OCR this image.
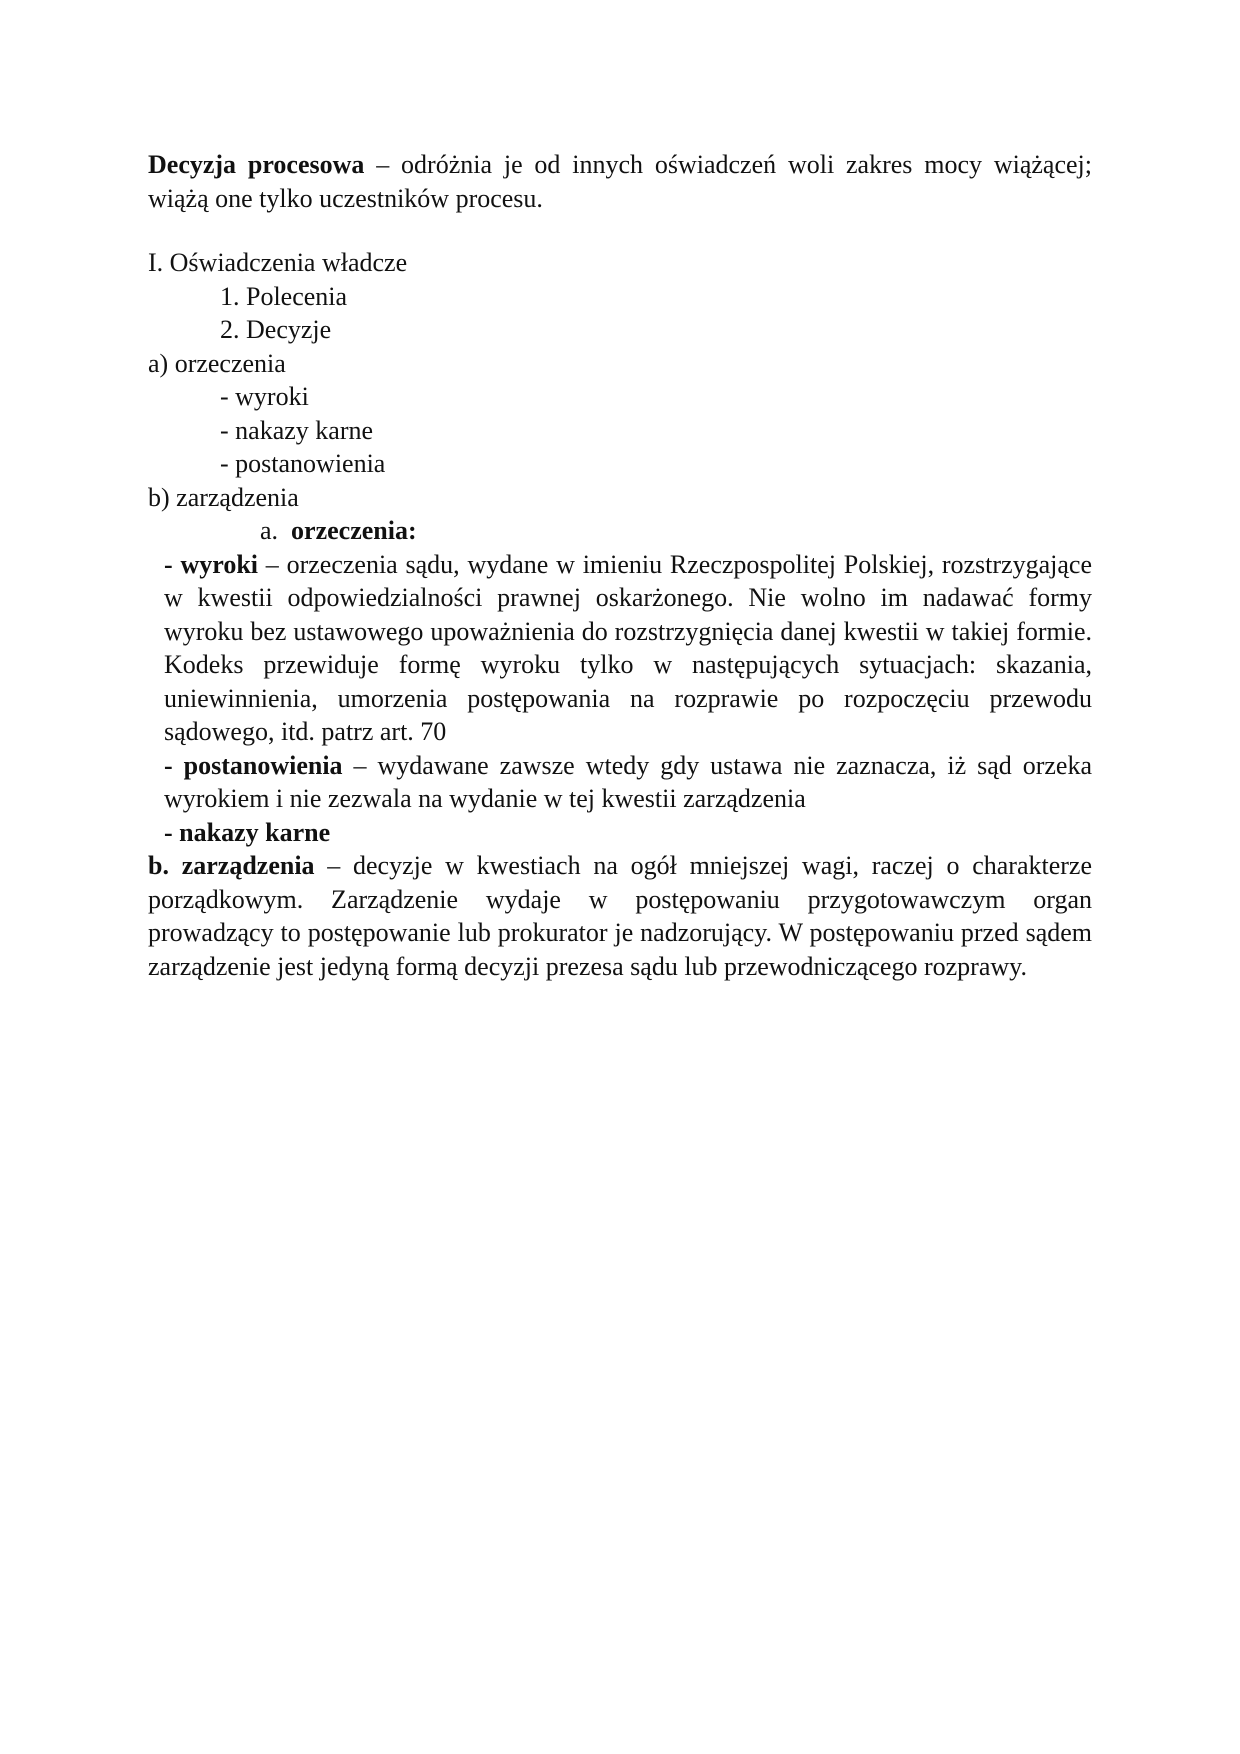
Decyzja procesowa – odróżnia je od innych oświadczeń woli zakres mocy wiążącej; wiążą one tylko uczestników procesu.

I. Oświadczenia władcze
1. Polecenia
2. Decyzje
a) orzeczenia
- wyroki
- nakazy karne
- postanowienia
b) zarządzenia
a. orzeczenia:

- wyroki – orzeczenia sądu, wydane w imieniu Rzeczpospolitej Polskiej, rozstrzygające w kwestii odpowiedzialności prawnej oskarżonego. Nie wolno im nadawać formy wyroku bez ustawowego upoważnienia do rozstrzygnięcia danej kwestii w takiej formie. Kodeks przewiduje formę wyroku tylko w następujących sytuacjach: skazania, uniewinnienia, umorzenia postępowania na rozprawie po rozpoczęciu przewodu sądowego, itd. patrz art. 70

- postanowienia – wydawane zawsze wtedy gdy ustawa nie zaznacza, iż sąd orzeka wyrokiem i nie zezwala na wydanie w tej kwestii zarządzenia

- nakazy karne

b. zarządzenia – decyzje w kwestiach na ogół mniejszej wagi, raczej o charakterze porządkowym. Zarządzenie wydaje w postępowaniu przygotowawczym organ prowadzący to postępowanie lub prokurator je nadzorujący. W postępowaniu przed sądem zarządzenie jest jedyną formą decyzji prezesa sądu lub przewodniczącego rozprawy.
